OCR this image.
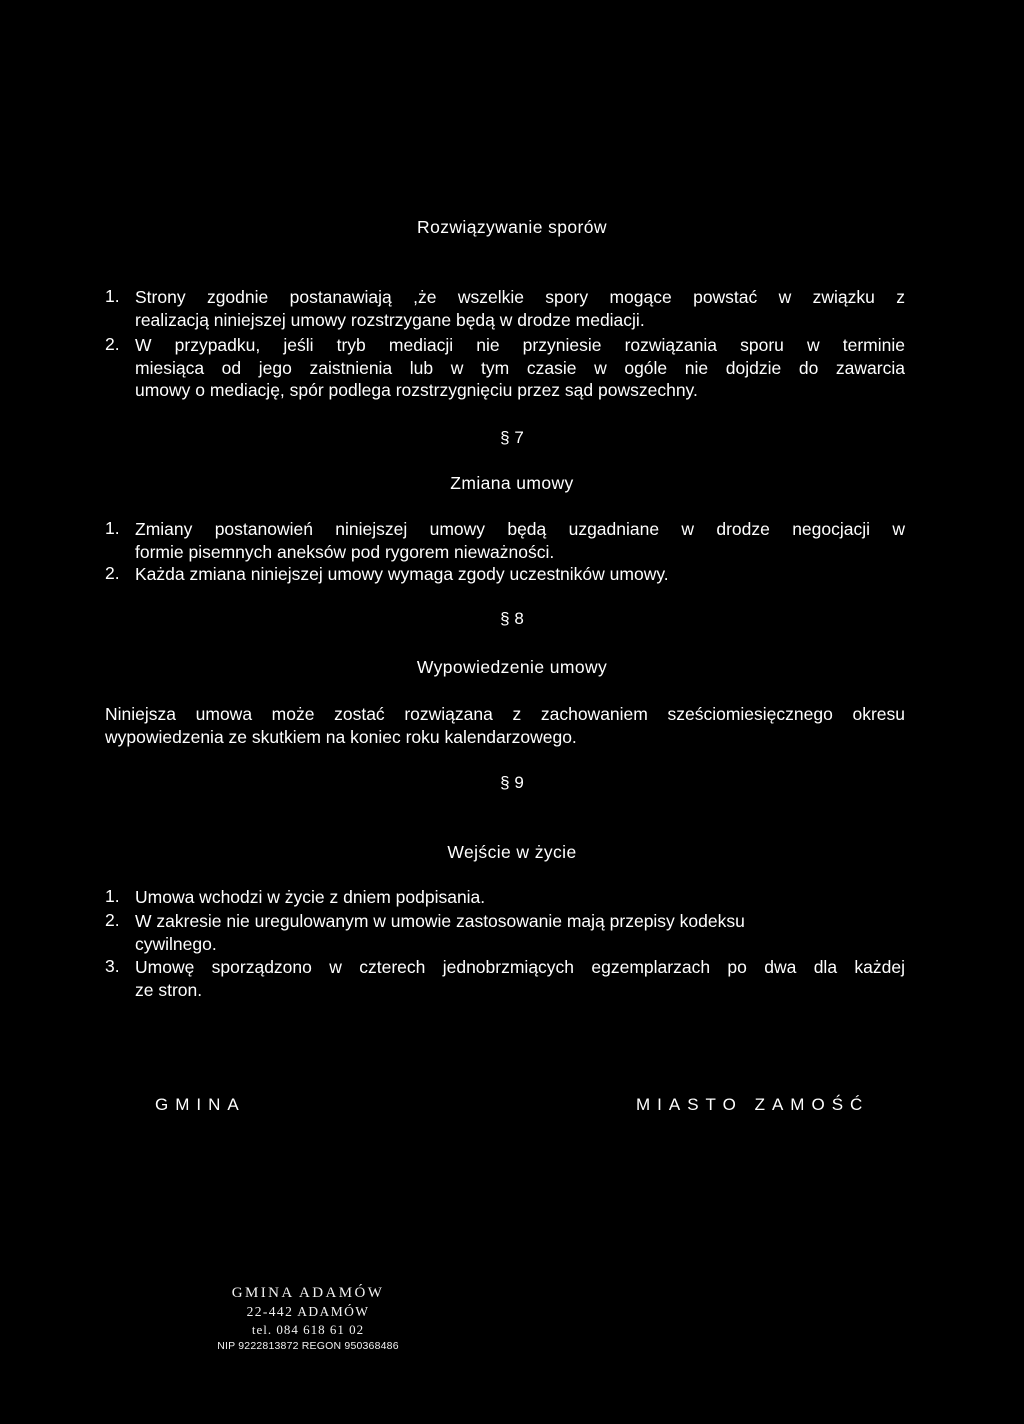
Rozwiązywanie sporów
1. Strony zgodnie postanawiają ,że wszelkie spory mogące powstać w związku z
realizacją niniejszej umowy rozstrzygane będą w drodze mediacji.
2. W przypadku, jeśli tryb mediacji nie przyniesie rozwiązania sporu w terminie
miesiąca od jego zaistnienia lub w tym czasie w ogóle nie dojdzie do zawarcia
umowy o mediację, spór podlega rozstrzygnięciu przez sąd powszechny.
§ 7
Zmiana umowy
1. Zmiany postanowień niniejszej umowy będą uzgadniane w drodze negocjacji w
formie pisemnych aneksów pod rygorem nieważności.
2. Każda zmiana niniejszej umowy wymaga zgody uczestników umowy.
§ 8
Wypowiedzenie umowy
Niniejsza umowa może zostać rozwiązana z zachowaniem sześciomiesięcznego okresu
wypowiedzenia ze skutkiem na koniec roku kalendarzowego.
§ 9
Wejście w życie
1. Umowa wchodzi w życie z dniem podpisania.
2. W zakresie nie uregulowanym w umowie zastosowanie mają przepisy kodeksu
cywilnego.
3. Umowę sporządzono w czterech jednobrzmiących egzemplarzach po dwa dla każdej
ze stron.
GMINA	MIASTO ZAMOŚĆ
GMINA ADAMÓW
22-442 ADAMÓW
tel. 084 618 61 02
NIP 9222813872 REGON 950368486
